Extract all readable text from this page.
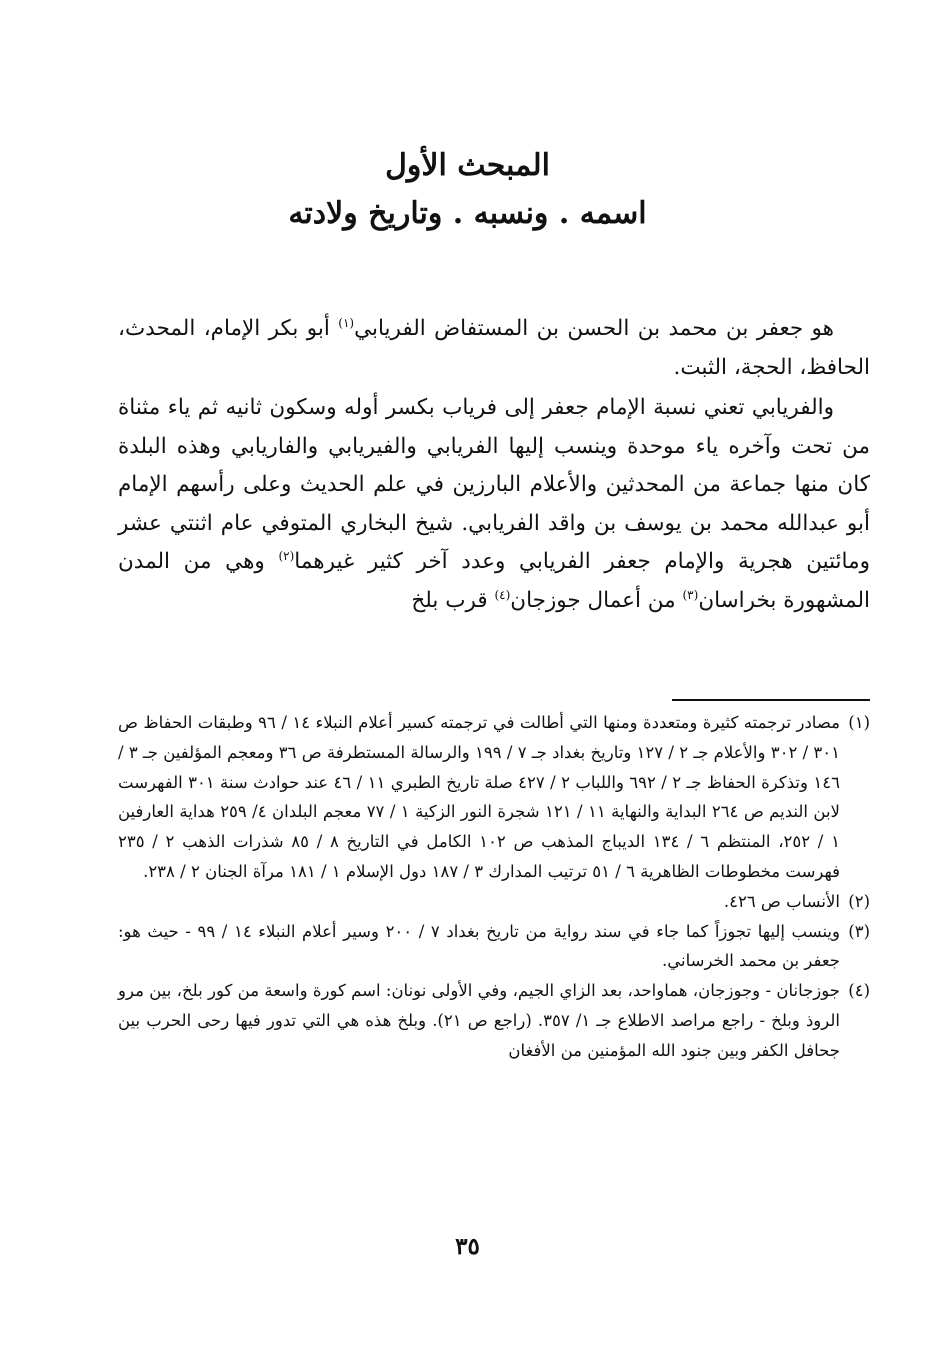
المبحث الأول
اسمه . ونسبه . وتاريخ ولادته

هو جعفر بن محمد بن الحسن بن المستفاض الفريابي$^{(١)}$ أبو بكر الإمام، المحدث، الحافظ، الحجة، الثبت.

والفريابي تعني نسبة الإمام جعفر إلى فرياب بكسر أوله وسكون ثانيه ثم ياء مثناة من تحت وآخره ياء موحدة وينسب إليها الفريابي والفيريابي والفاريابي وهذه البلدة كان منها جماعة من المحدثين والأعلام البارزين في علم الحديث وعلى رأسهم الإمام أبو عبدالله محمد بن يوسف بن واقد الفريابي. شيخ البخاري المتوفي عام اثنتي عشر ومائتين هجرية والإمام جعفر الفريابي وعدد آخر كثير غيرهما$^{(٢)}$ وهي من المدن المشهورة بخراسان$^{(٣)}$ من أعمال جوزجان$^{(٤)}$ قرب بلخ

(١)
مصادر ترجمته كثيرة ومتعددة ومنها التي أطالت في ترجمته كسير أعلام النبلاء ١٤ / ٩٦ وطبقات الحفاظ ص ٣٠١ / ٣٠٢ والأعلام جـ ٢ / ١٢٧ وتاريخ بغداد جـ ٧ / ١٩٩ والرسالة المستطرفة ص ٣٦ ومعجم المؤلفين جـ ٣ / ١٤٦ وتذكرة الحفاظ جـ ٢ / ٦٩٢ واللباب ٢ / ٤٢٧ صلة تاريخ الطبري ١١ / ٤٦ عند حوادث سنة ٣٠١ الفهرست لابن النديم ص ٢٦٤ البداية والنهاية ١١ / ١٢١ شجرة النور الزكية ١ / ٧٧ معجم البلدان ٤/ ٢٥٩ هداية العارفين ١ / ٢٥٢، المنتظم ٦ / ١٣٤ الديباج المذهب ص ١٠٢ الكامل في التاريخ ٨ / ٨٥ شذرات الذهب ٢ / ٢٣٥ فهرست مخطوطات الظاهرية ٦ / ٥١ ترتيب المدارك ٣ / ١٨٧ دول الإسلام ١ / ١٨١ مرآة الجنان ٢ / ٢٣٨.
(٢)
الأنساب ص ٤٢٦.
(٣)
وينسب إليها تجوزاً كما جاء في سند رواية من تاريخ بغداد ٧ / ٢٠٠ وسير أعلام النبلاء ١٤ / ٩٩ - حيث هو: جعفر بن محمد الخرساني.
(٤)
جوزجانان - وجوزجان، هماواحد، بعد الزاي الجيم، وفي الأولى نونان: اسم كورة واسعة من كور بلخ، بين مرو الروذ وبلخ - راجع مراصد الاطلاع جـ ١/ ٣٥٧. (راجع ص ٢١). وبلخ هذه هي التي تدور فيها رحى الحرب بين جحافل الكفر وبين جنود الله المؤمنين من الأفغان
٣٥
